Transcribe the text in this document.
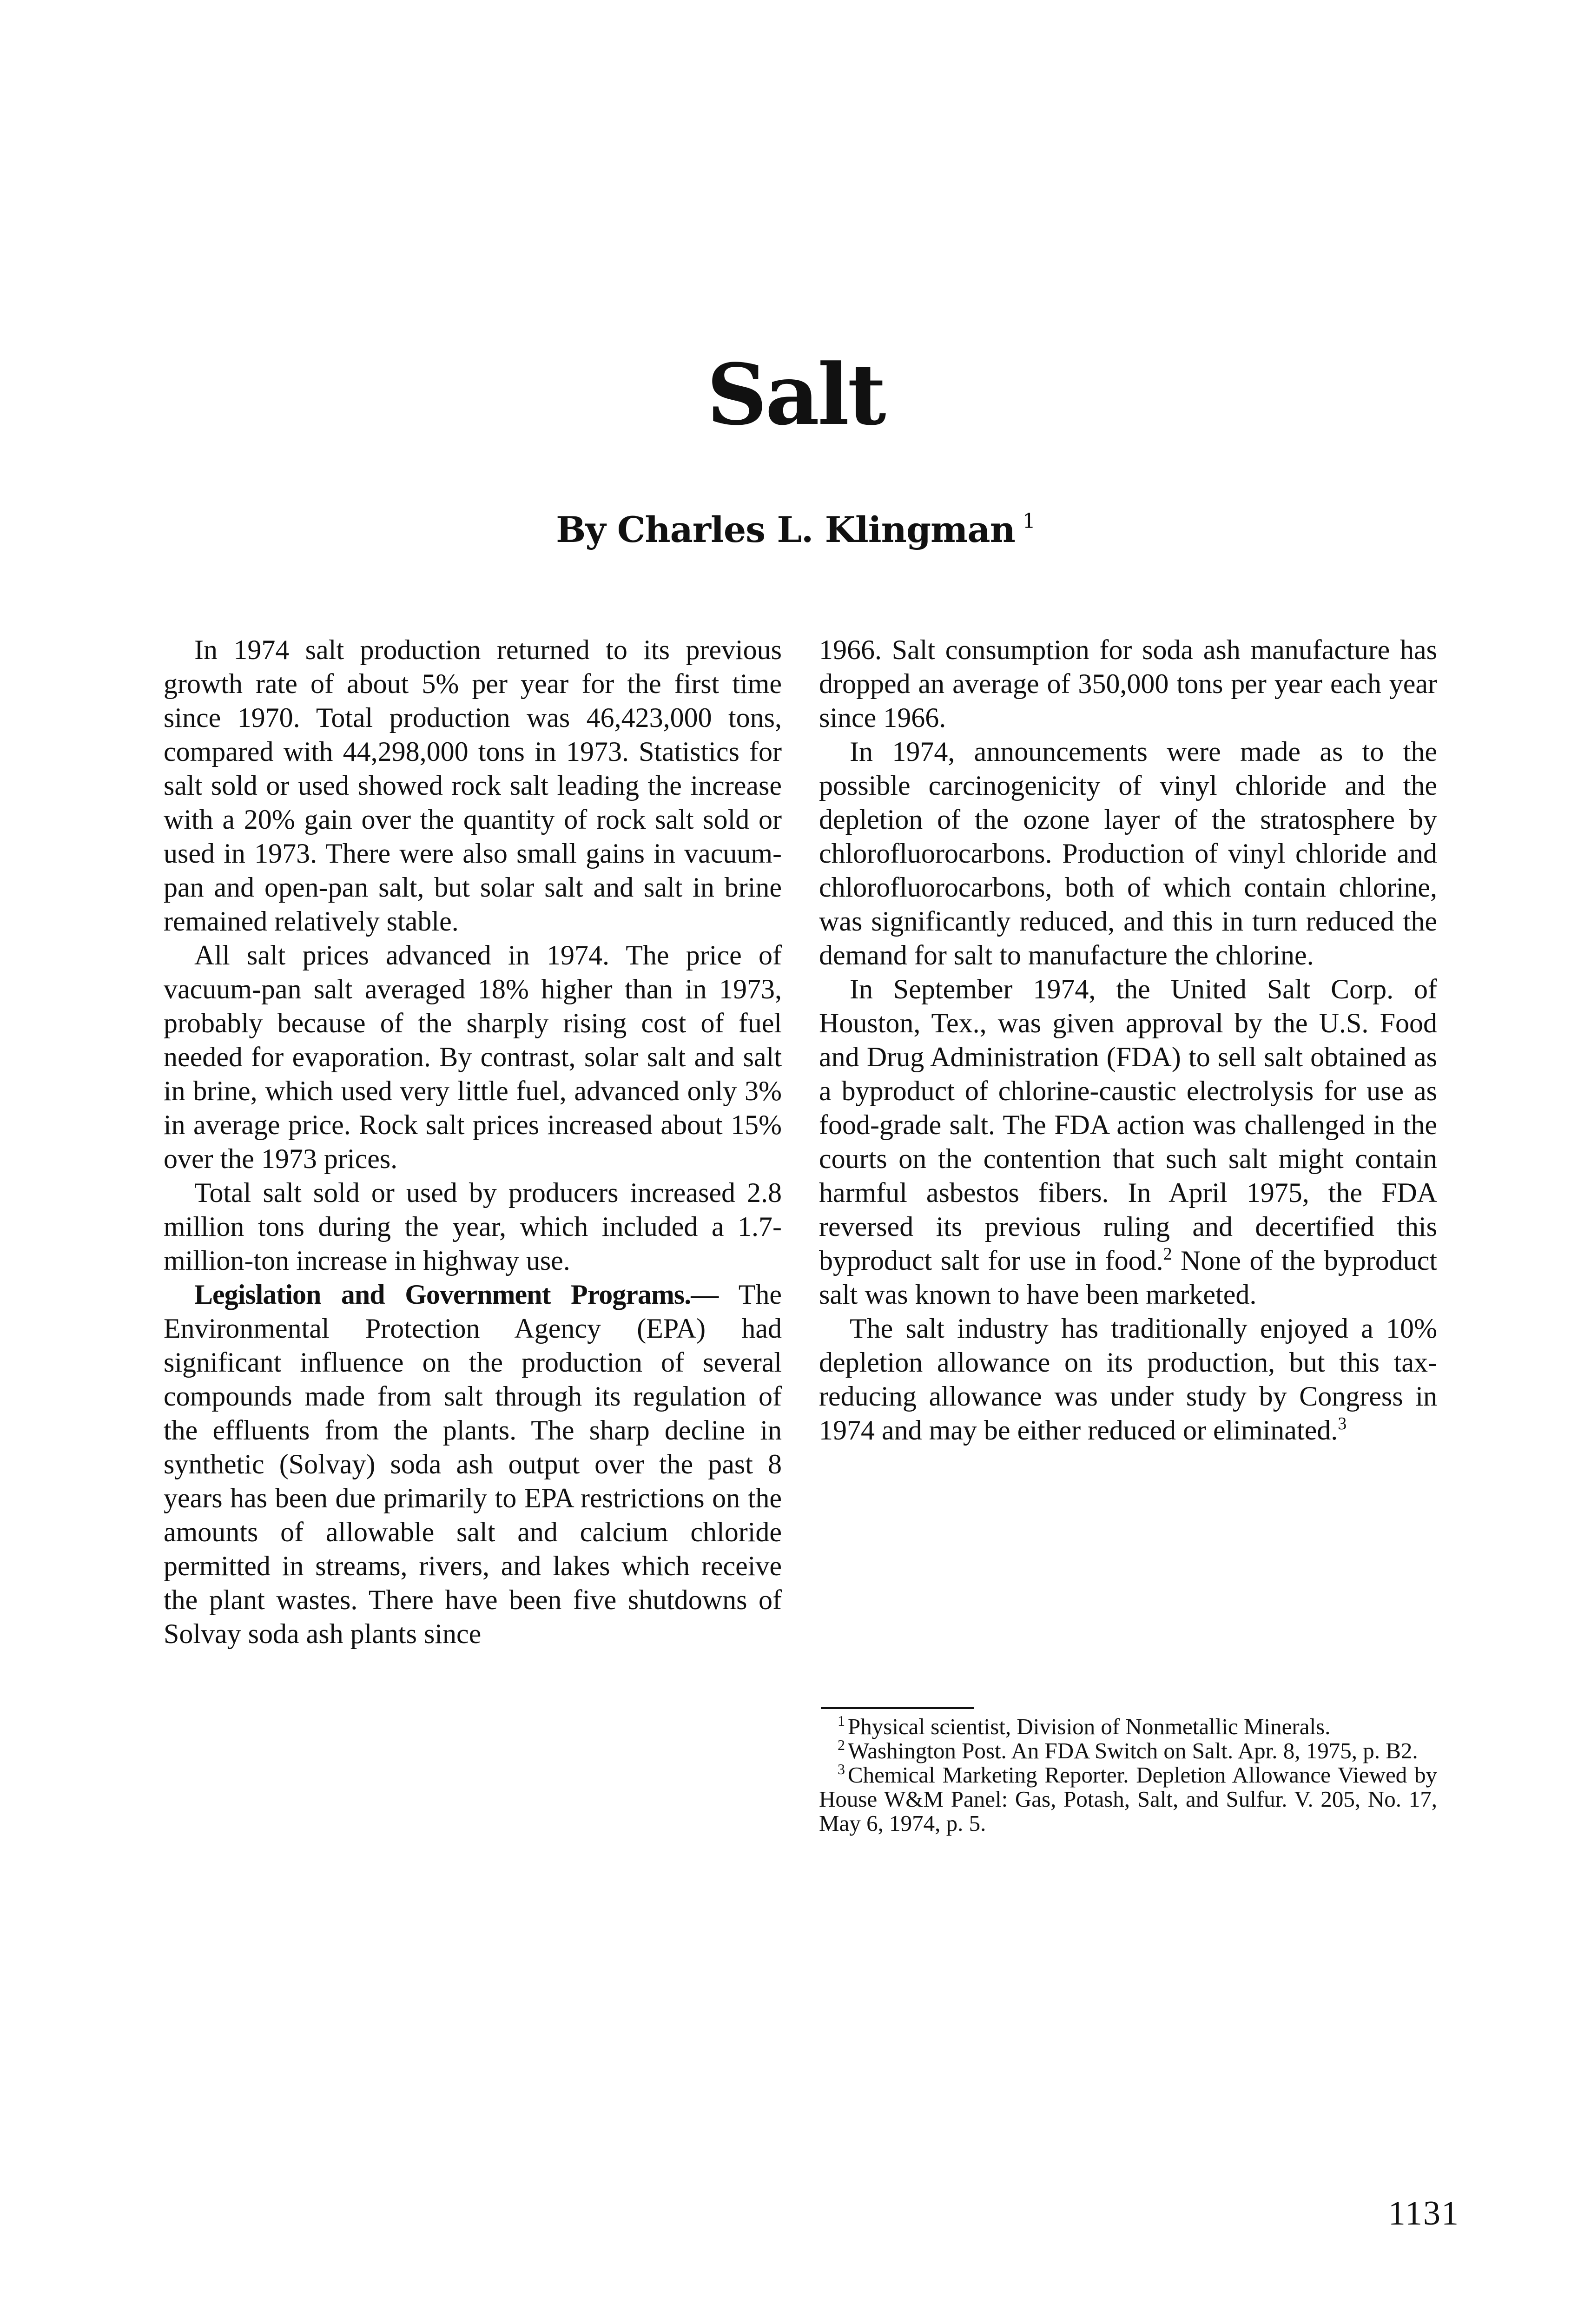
Salt
By Charles L. Klingman $^1$

In 1974 salt production returned to its previous growth rate of about 5% per year for the first time since 1970. Total production was 46,423,000 tons, compared with 44,298,000 tons in 1973. Statistics for salt sold or used showed rock salt leading the increase with a 20% gain over the quantity of rock salt sold or used in 1973. There were also small gains in vacuum-pan and open-pan salt, but solar salt and salt in brine remained relatively stable.

All salt prices advanced in 1974. The price of vacuum-pan salt averaged 18% higher than in 1973, probably because of the sharply rising cost of fuel needed for evaporation. By contrast, solar salt and salt in brine, which used very little fuel, advanced only 3% in average price. Rock salt prices increased about 15% over the 1973 prices.

Total salt sold or used by producers increased 2.8 million tons during the year, which included a 1.7-million-ton increase in highway use.

Legislation and Government Programs.— The Environmental Protection Agency (EPA) had significant influence on the production of several compounds made from salt through its regulation of the effluents from the plants. The sharp decline in synthetic (Solvay) soda ash output over the past 8 years has been due primarily to EPA restrictions on the amounts of allowable salt and calcium chloride permitted in streams, rivers, and lakes which receive the plant wastes. There have been five shutdowns of Solvay soda ash plants since

1966. Salt consumption for soda ash manufacture has dropped an average of 350,000 tons per year each year since 1966.

In 1974, announcements were made as to the possible carcinogenicity of vinyl chloride and the depletion of the ozone layer of the stratosphere by chlorofluorocarbons. Production of vinyl chloride and chlorofluorocarbons, both of which contain chlorine, was significantly reduced, and this in turn reduced the demand for salt to manufacture the chlorine.

In September 1974, the United Salt Corp. of Houston, Tex., was given approval by the U.S. Food and Drug Administration (FDA) to sell salt obtained as a byproduct of chlorine-caustic electrolysis for use as food-grade salt. The FDA action was challenged in the courts on the contention that such salt might contain harmful asbestos fibers. In April 1975, the FDA reversed its previous ruling and decertified this byproduct salt for use in food.$^2$ None of the byproduct salt was known to have been marketed.

The salt industry has traditionally enjoyed a 10% depletion allowance on its production, but this tax-reducing allowance was under study by Congress in 1974 and may be either reduced or eliminated.$^3$

$^1$ Physical scientist, Division of Nonmetallic Minerals.

$^2$ Washington Post. An FDA Switch on Salt. Apr. 8, 1975, p. B2.

$^3$ Chemical Marketing Reporter. Depletion Allowance Viewed by House W&M Panel: Gas, Potash, Salt, and Sulfur. V. 205, No. 17, May 6, 1974, p. 5.

1131
